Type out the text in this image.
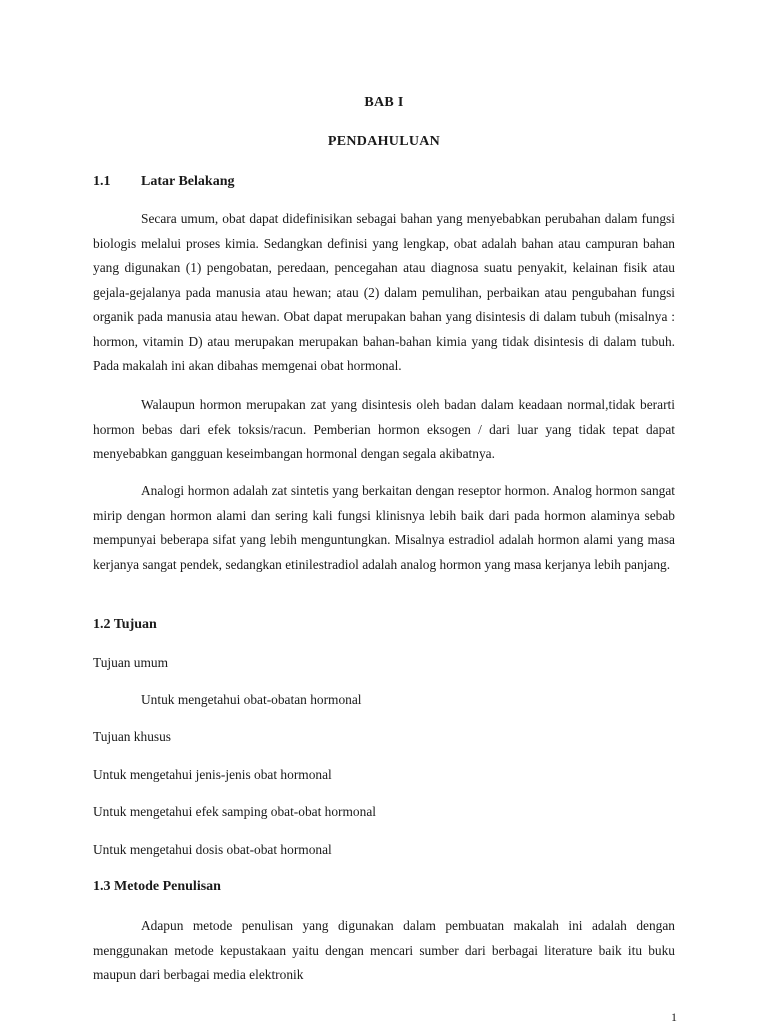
BAB I
PENDAHULUAN
1.1 Latar Belakang

Secara umum, obat dapat didefinisikan sebagai bahan yang menyebabkan perubahan dalam fungsi biologis melalui proses kimia. Sedangkan definisi yang lengkap, obat adalah bahan atau campuran bahan yang digunakan (1) pengobatan, peredaan, pencegahan atau diagnosa suatu penyakit, kelainan fisik atau gejala-gejalanya pada manusia atau hewan; atau (2) dalam pemulihan, perbaikan atau pengubahan fungsi organik pada manusia atau hewan. Obat dapat merupakan bahan yang disintesis di dalam tubuh (misalnya : hormon, vitamin D) atau merupakan merupakan bahan-bahan kimia yang tidak disintesis di dalam tubuh. Pada makalah ini akan dibahas memgenai obat hormonal.

Walaupun hormon merupakan zat yang disintesis oleh badan dalam keadaan normal,tidak berarti hormon bebas dari efek toksis/racun. Pemberian hormon eksogen / dari luar yang tidak tepat dapat menyebabkan gangguan keseimbangan hormonal dengan segala akibatnya.

Analogi hormon adalah zat sintetis yang berkaitan dengan reseptor hormon. Analog hormon sangat mirip dengan hormon alami dan sering kali fungsi klinisnya lebih baik dari pada hormon alaminya sebab mempunyai beberapa sifat yang lebih menguntungkan. Misalnya estradiol adalah hormon alami yang masa kerjanya sangat pendek, sedangkan etinilestradiol adalah analog hormon yang masa kerjanya lebih panjang.

1.2 Tujuan
Tujuan umum
Untuk mengetahui obat-obatan hormonal
Tujuan khusus
Untuk mengetahui jenis-jenis obat hormonal
Untuk mengetahui efek samping obat-obat hormonal
Untuk mengetahui dosis obat-obat hormonal
1.3 Metode Penulisan

Adapun metode penulisan yang digunakan dalam pembuatan makalah ini adalah dengan menggunakan metode kepustakaan yaitu dengan mencari sumber dari berbagai literature baik itu buku maupun dari berbagai media elektronik

1
